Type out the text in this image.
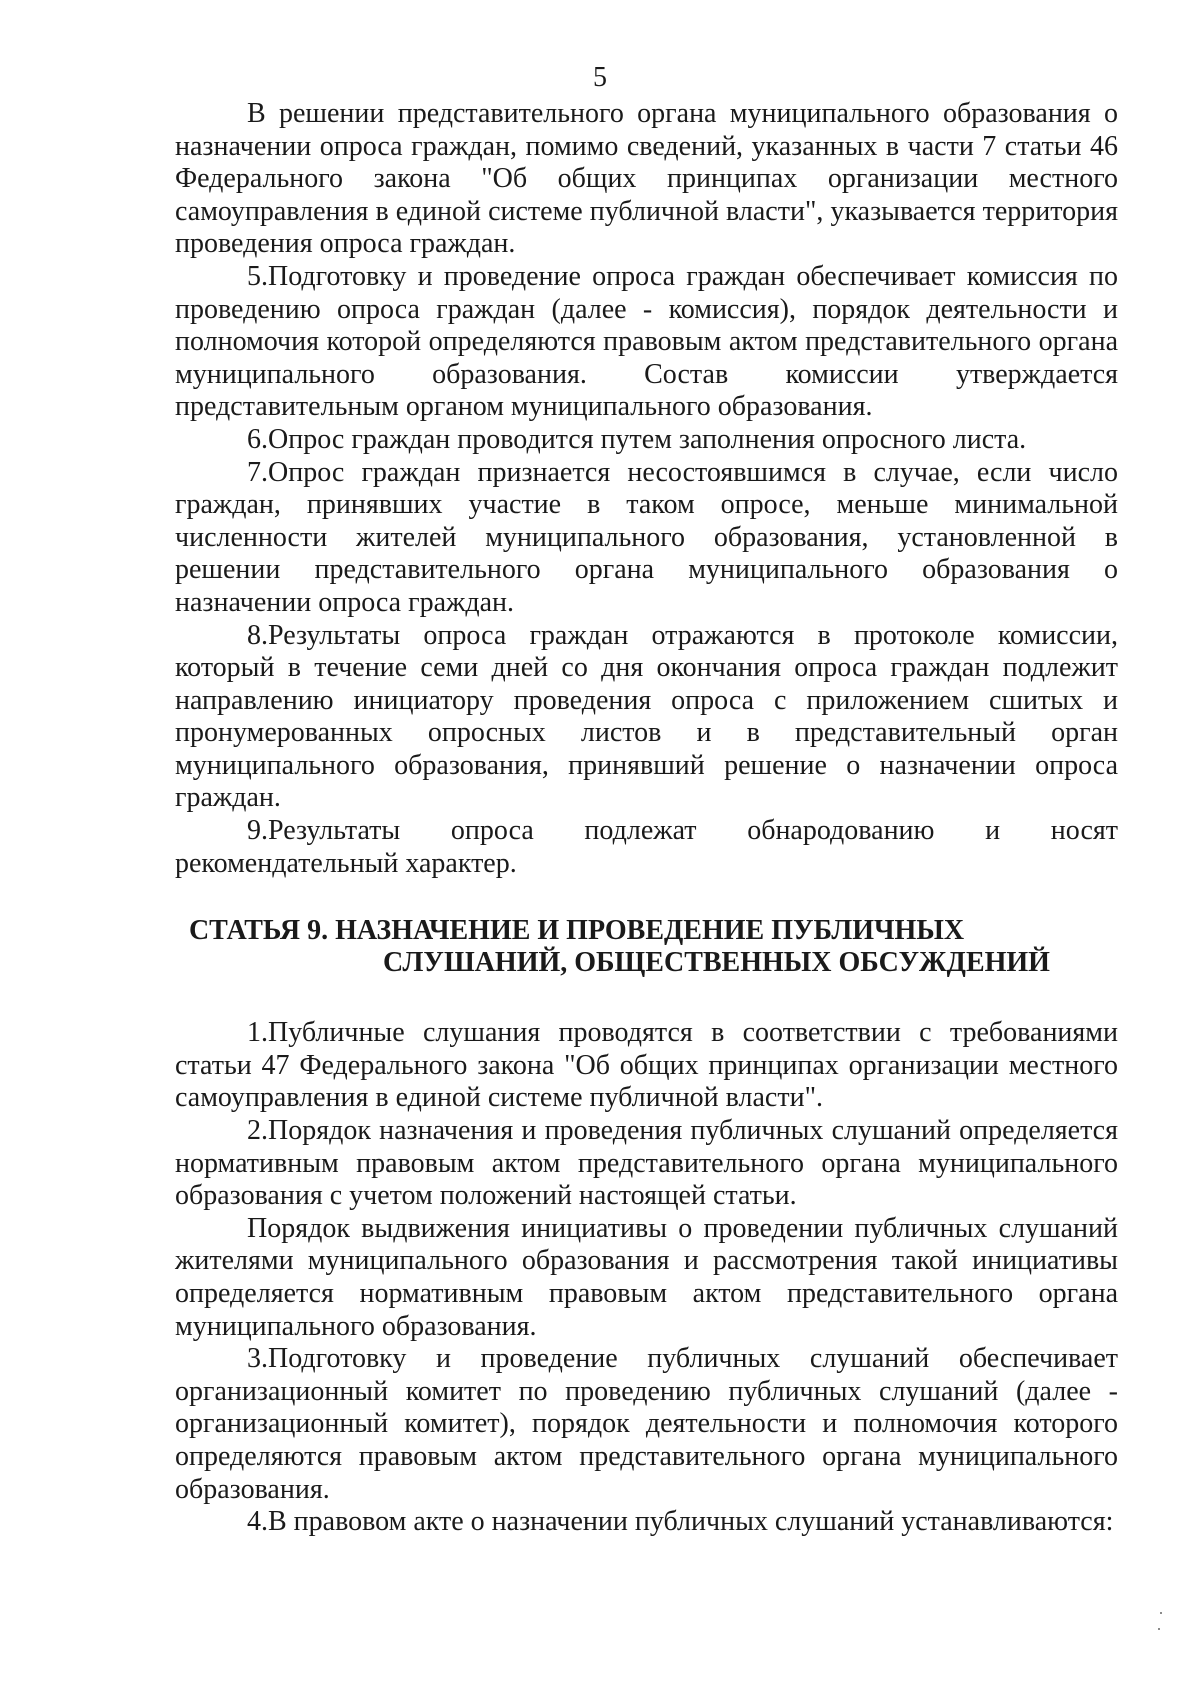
5

В решении представительного органа муниципального образования о назначении опроса граждан, помимо сведений, указанных в части 7 статьи 46 Федерального закона "Об общих принципах организации местного самоуправления в единой системе публичной власти", указывается территория проведения опроса граждан.

5.Подготовку и проведение опроса граждан обеспечивает комиссия по проведению опроса граждан (далее - комиссия), порядок деятельности и полномочия которой определяются правовым актом представительного органа муниципального образования. Состав комиссии утверждается представительным органом муниципального образования.

6.Опрос граждан проводится путем заполнения опросного листа.

7.Опрос граждан признается несостоявшимся в случае, если число граждан, принявших участие в таком опросе, меньше минимальной численности жителей муниципального образования, установленной в решении представительного органа муниципального образования о назначении опроса граждан.

8.Результаты опроса граждан отражаются в протоколе комиссии, который в течение семи дней со дня окончания опроса граждан подлежит направлению инициатору проведения опроса с приложением сшитых и пронумерованных опросных листов и в представительный орган муниципального образования, принявший решение о назначении опроса граждан.

9.Результаты опроса подлежат обнародованию и носят рекомендательный характер.

СТАТЬЯ 9. НАЗНАЧЕНИЕ И ПРОВЕДЕНИЕ ПУБЛИЧНЫХ
СЛУШАНИЙ, ОБЩЕСТВЕННЫХ ОБСУЖДЕНИЙ

1.Публичные слушания проводятся в соответствии с требованиями статьи 47 Федерального закона "Об общих принципах организации местного самоуправления в единой системе публичной власти".

2.Порядок назначения и проведения публичных слушаний определяется нормативным правовым актом представительного органа муниципального образования с учетом положений настоящей статьи.

Порядок выдвижения инициативы о проведении публичных слушаний жителями муниципального образования и рассмотрения такой инициативы определяется нормативным правовым актом представительного органа муниципального образования.

3.Подготовку и проведение публичных слушаний обеспечивает организационный комитет по проведению публичных слушаний (далее - организационный комитет), порядок деятельности и полномочия которого определяются правовым актом представительного органа муниципального образования.

4.В правовом акте о назначении публичных слушаний устанавливаются:
